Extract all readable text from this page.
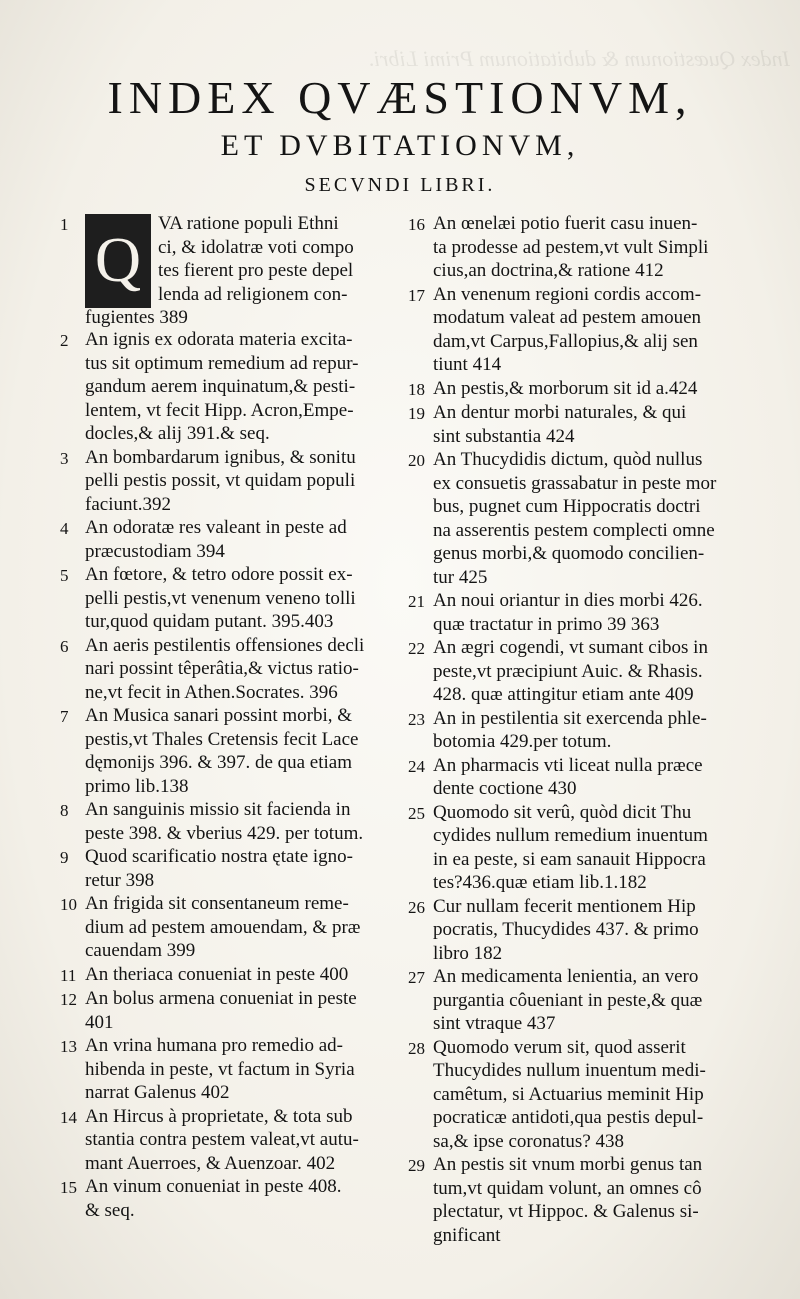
Index Quæstionum & dubitationum Primi Libri.
INDEX QVÆSTIONVM,
ET DVBITATIONVM,
SECVNDI LIBRI.
1 Q
VA ratione populi Ethni
ci, & idolatræ voti compo
tes fierent pro peste depel
lenda ad religionem con-
fugientes 389
2 An ignis ex odorata materia excita-
tus sit optimum remedium ad repur-
gandum aerem inquinatum,& pesti-
lentem, vt fecit Hipp. Acron,Empe-
docles,& alij 391.& seq.
3 An bombardarum ignibus, & sonitu
pelli pestis possit, vt quidam populi
faciunt.392
4 An odoratæ res valeant in peste ad
præcustodiam 394
5 An fœtore, & tetro odore possit ex-
pelli pestis,vt venenum veneno tolli
tur,quod quidam putant. 395.403
6 An aeris pestilentis offensiones decli
nari possint têperâtia,& victus ratio-
ne,vt fecit in Athen.Socrates. 396
7 An Musica sanari possint morbi, &
pestis,vt Thales Cretensis fecit Lace
dęmonijs 396. & 397. de qua etiam
primo lib.138
8 An sanguinis missio sit facienda in
peste 398. & vberius 429. per totum.
9 Quod scarificatio nostra ętate igno-
retur 398
10 An frigida sit consentaneum reme-
dium ad pestem amouendam, & præ
cauendam 399
11 An theriaca conueniat in peste 400
12 An bolus armena conueniat in peste
401
13 An vrina humana pro remedio ad-
hibenda in peste, vt factum in Syria
narrat Galenus 402
14 An Hircus à proprietate, & tota sub
stantia contra pestem valeat,vt autu-
mant Auerroes, & Auenzoar. 402
15 An vinum conueniat in peste 408.
& seq.
16 An œnelæi potio fuerit casu inuen-
ta prodesse ad pestem,vt vult Simpli
cius,an doctrina,& ratione 412
17 An venenum regioni cordis accom-
modatum valeat ad pestem amouen
dam,vt Carpus,Fallopius,& alij sen
tiunt 414
18 An pestis,& morborum sit id a.424
19 An dentur morbi naturales, & qui
sint substantia 424
20 An Thucydidis dictum, quòd nullus
ex consuetis grassabatur in peste mor
bus, pugnet cum Hippocratis doctri
na asserentis pestem complecti omne
genus morbi,& quomodo concilien-
tur 425
21 An noui oriantur in dies morbi 426.
quæ tractatur in primo 39 363
22 An ægri cogendi, vt sumant cibos in
peste,vt præcipiunt Auic. & Rhasis.
428. quæ attingitur etiam ante 409
23 An in pestilentia sit exercenda phle-
botomia 429.per totum.
24 An pharmacis vti liceat nulla præce
dente coctione 430
25 Quomodo sit verû, quòd dicit Thu
cydides nullum remedium inuentum
in ea peste, si eam sanauit Hippocra
tes?436.quæ etiam lib.1.182
26 Cur nullam fecerit mentionem Hip
pocratis, Thucydides 437. & primo
libro 182
27 An medicamenta lenientia, an vero
purgantia côueniant in peste,& quæ
sint vtraque 437
28 Quomodo verum sit, quod asserit
Thucydides nullum inuentum medi-
camêtum, si Actuarius meminit Hip
pocraticæ antidoti,qua pestis depul-
sa,& ipse coronatus? 438
29 An pestis sit vnum morbi genus tan
tum,vt quidam volunt, an omnes cô
plectatur, vt Hippoc. & Galenus si-
gnificant
